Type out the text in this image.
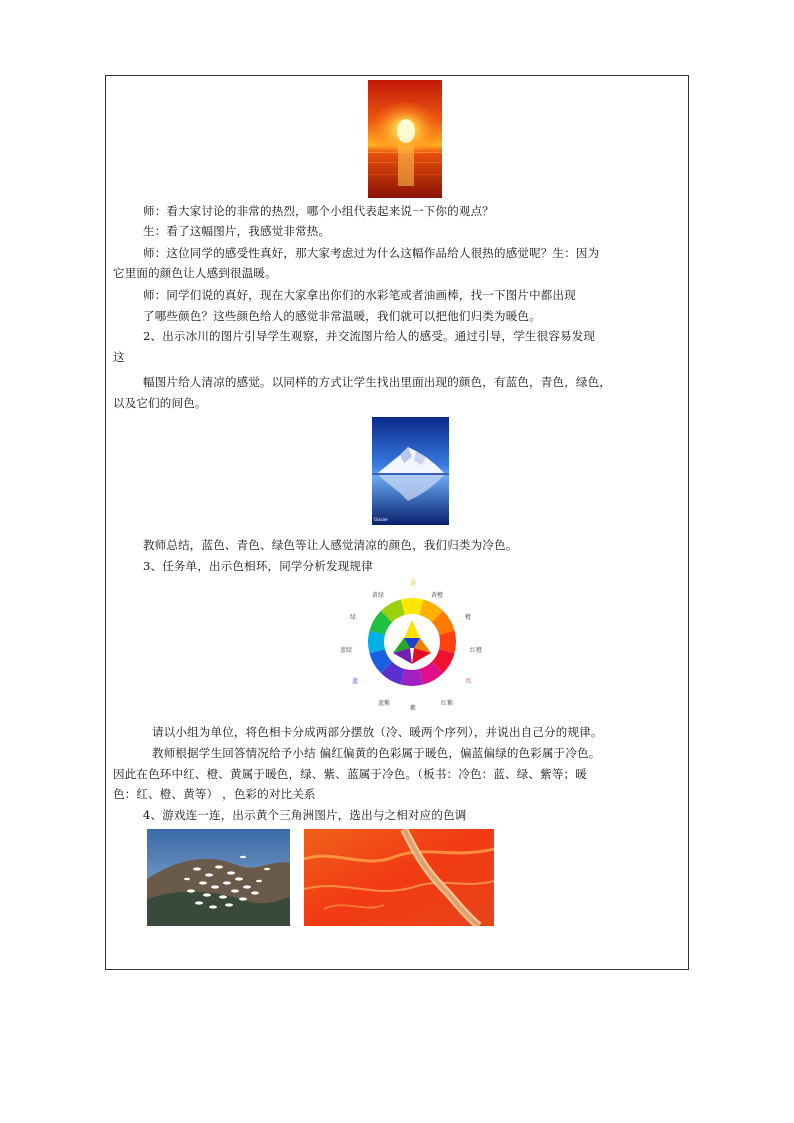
师：看大家讨论的非常的热烈，哪个小组代表起来说一下你的观点？
生：看了这幅图片，我感觉非常热。
师：这位同学的感受性真好，那大家考虑过为什么这幅作品给人很热的感觉呢？生：因为
它里面的颜色让人感到很温暖。
师：同学们说的真好，现在大家拿出你们的水彩笔或者油画棒，找一下图片中都出现
了哪些颜色？这些颜色给人的感觉非常温暖，我们就可以把他们归类为暖色。
2、出示冰川的图片引导学生观察，并交流图片给人的感受。通过引导，学生很容易发现
这
幅图片给人清凉的感觉。以同样的方式让学生找出里面出现的颜色，有蓝色，青色，绿色，
以及它们的间色。
Glacier
教师总结，蓝色、青色、绿色等让人感觉清凉的颜色，我们归类为冷色。
3、任务单，出示色相环，同学分析发现规律
黄
黄绿	黄橙
绿	橙
蓝绿	红橙
蓝	红
蓝紫
紫
红紫
请以小组为单位，将色相卡分成两部分摆放（冷、暖两个序列），并说出自己分的规律。
教师根据学生回答情况给予小结 偏红偏黄的色彩属于暖色，偏蓝偏绿的色彩属于冷色。
因此在色环中红、橙、黄属于暖色，绿、紫、蓝属于冷色。（板书：冷色：蓝、绿、紫等；暖
色：红、橙、黄等） ，色彩的对比关系
4、游戏连一连，出示黄个三角洲图片，选出与之相对应的色调
